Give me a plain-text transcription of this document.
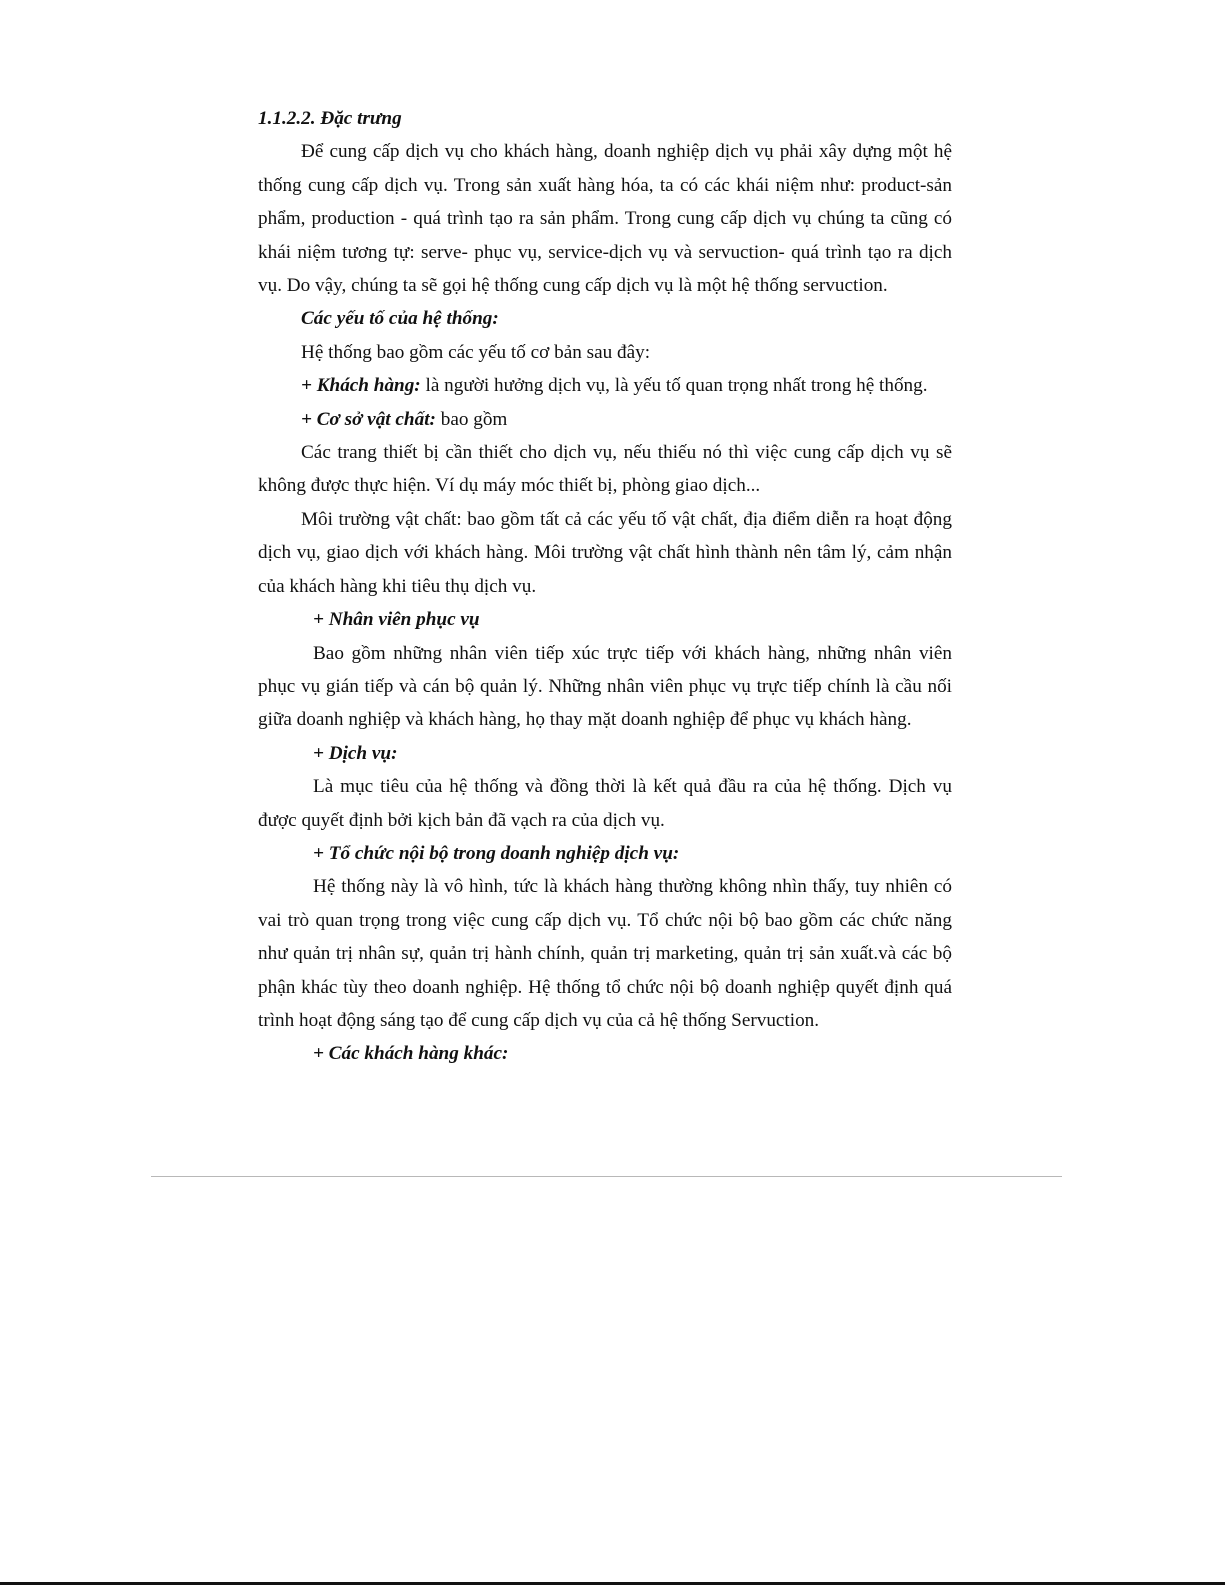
1.1.2.2. Đặc trưng

Để cung cấp dịch vụ cho khách hàng, doanh nghiệp dịch vụ phải xây dựng một hệ thống cung cấp dịch vụ. Trong sản xuất hàng hóa, ta có các khái niệm như: product-sản phẩm, production - quá trình tạo ra sản phẩm. Trong cung cấp dịch vụ chúng ta cũng có khái niệm tương tự: serve- phục vụ, service-dịch vụ và servuction- quá trình tạo ra dịch vụ. Do vậy, chúng ta sẽ gọi hệ thống cung cấp dịch vụ là một hệ thống servuction.

Các yếu tố của hệ thống:

Hệ thống bao gồm các yếu tố cơ bản sau đây:

+ Khách hàng: là người hưởng dịch vụ, là yếu tố quan trọng nhất trong hệ thống.

+ Cơ sở vật chất: bao gồm

Các trang thiết bị cần thiết cho dịch vụ, nếu thiếu nó thì việc cung cấp dịch vụ sẽ không được thực hiện. Ví dụ máy móc thiết bị, phòng giao dịch...

Môi trường vật chất: bao gồm tất cả các yếu tố vật chất, địa điểm diễn ra hoạt động dịch vụ, giao dịch với khách hàng. Môi trường vật chất hình thành nên tâm lý, cảm nhận của khách hàng khi tiêu thụ dịch vụ.

+ Nhân viên phục vụ

Bao gồm những nhân viên tiếp xúc trực tiếp với khách hàng, những nhân viên phục vụ gián tiếp và cán bộ quản lý. Những nhân viên phục vụ trực tiếp chính là cầu nối giữa doanh nghiệp và khách hàng, họ thay mặt doanh nghiệp để phục vụ khách hàng.

+ Dịch vụ:

Là mục tiêu của hệ thống và đồng thời là kết quả đầu ra của hệ thống. Dịch vụ được quyết định bởi kịch bản đã vạch ra của dịch vụ.

+ Tổ chức nội bộ trong doanh nghiệp dịch vụ:

Hệ thống này là vô hình, tức là khách hàng thường không nhìn thấy, tuy nhiên có vai trò quan trọng trong việc cung cấp dịch vụ. Tổ chức nội bộ bao gồm các chức năng như quản trị nhân sự, quản trị hành chính, quản trị marketing, quản trị sản xuất.và các bộ phận khác tùy theo doanh nghiệp. Hệ thống tổ chức nội bộ doanh nghiệp quyết định quá trình hoạt động sáng tạo để cung cấp dịch vụ của cả hệ thống Servuction.

+ Các khách hàng khác:
